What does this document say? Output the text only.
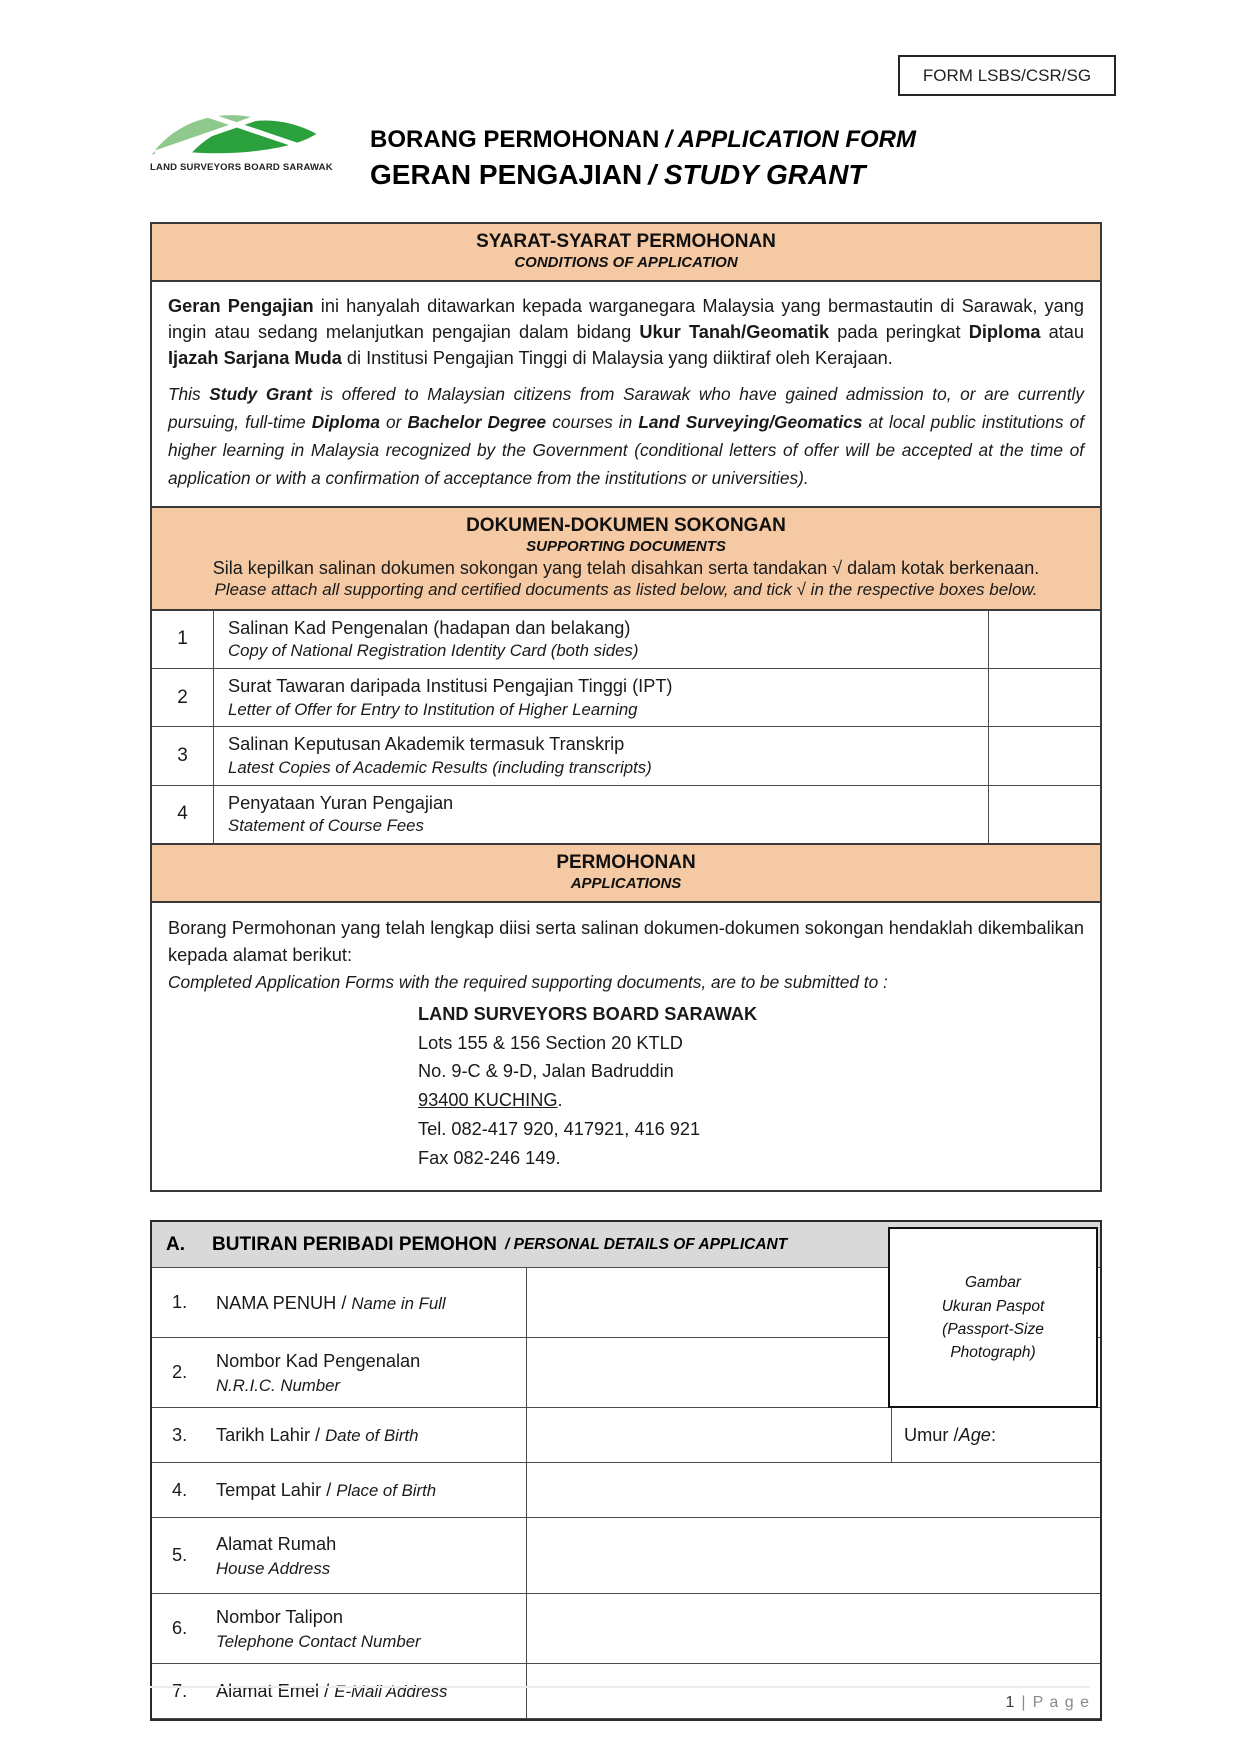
FORM LSBS/CSR/SG
LAND SURVEYORS BOARD SARAWAK
BORANG PERMOHONAN / APPLICATION FORM
GERAN PENGAJIAN / STUDY GRANT
SYARAT-SYARAT PERMOHONAN
CONDITIONS OF APPLICATION

Geran Pengajian ini hanyalah ditawarkan kepada warganegara Malaysia yang bermastautin di Sarawak, yang ingin atau sedang melanjutkan pengajian dalam bidang Ukur Tanah/Geomatik pada peringkat Diploma atau Ijazah Sarjana Muda di Institusi Pengajian Tinggi di Malaysia yang diiktiraf oleh Kerajaan.

This Study Grant is offered to Malaysian citizens from Sarawak who have gained admission to, or are currently pursuing, full-time Diploma or Bachelor Degree courses in Land Surveying/Geomatics at local public institutions of higher learning in Malaysia recognized by the Government (conditional letters of offer will be accepted at the time of application or with a confirmation of acceptance from the institutions or universities).

DOKUMEN-DOKUMEN SOKONGAN
SUPPORTING DOCUMENTS
Sila kepilkan salinan dokumen sokongan yang telah disahkan serta tandakan √ dalam kotak berkenaan.
Please attach all supporting and certified documents as listed below, and tick √ in the respective boxes below.
1
Salinan Kad Pengenalan (hadapan dan belakang)
Copy of National Registration Identity Card (both sides)
2
Surat Tawaran daripada Institusi Pengajian Tinggi (IPT)
Letter of Offer for Entry to Institution of Higher Learning
3
Salinan Keputusan Akademik termasuk Transkrip
Latest Copies of Academic Results (including transcripts)
4
Penyataan Yuran Pengajian
Statement of Course Fees
PERMOHONAN
APPLICATIONS

Borang Permohonan yang telah lengkap diisi serta salinan dokumen-dokumen sokongan hendaklah dikembalikan kepada alamat berikut:

Completed Application Forms with the required supporting documents, are to be submitted to :

LAND SURVEYORS BOARD SARAWAK
Lots 155 & 156 Section 20 KTLD
No. 9-C & 9-D, Jalan Badruddin
93400 KUCHING.
Tel. 082-417 920, 417921, 416 921
Fax 082-246 149.
A.	BUTIRAN PERIBADI PEMOHON / PERSONAL DETAILS OF APPLICANT
1.	NAMA PENUH / Name in Full
2.
Nombor Kad Pengenalan
N.R.I.C. Number
3.	Tarikh Lahir / Date of Birth	Umur / Age :
4.	Tempat Lahir / Place of Birth
5.
Alamat Rumah
House Address
6.
Nombor Talipon
Telephone Contact Number
7.	Alamat Emel / E-Mail Address
Gambar
Ukuran Paspot
(Passport-Size
Photograph)
1 | P a g e
